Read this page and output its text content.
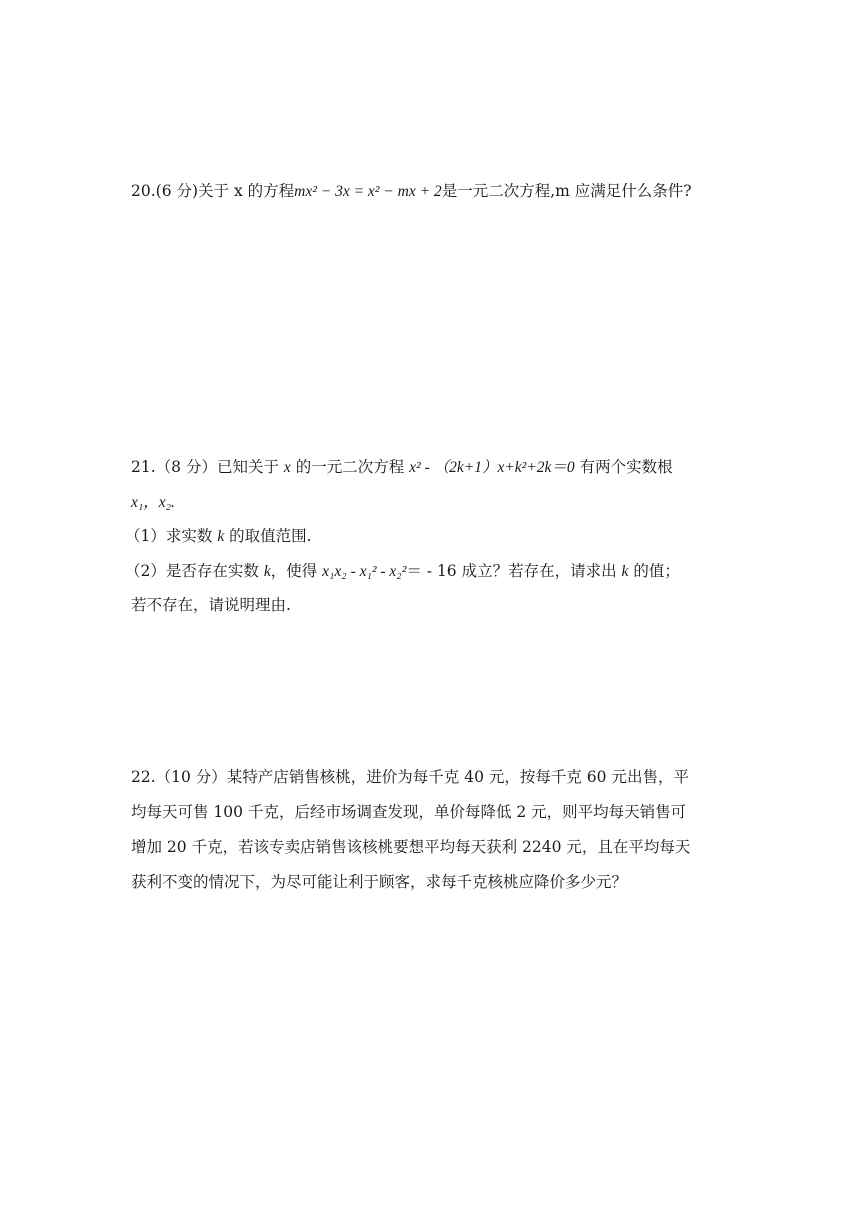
20.(6 分)关于 x 的方程mx² − 3x = x² − mx + 2是一元二次方程,m 应满足什么条件?
21.（8 分）已知关于 x 的一元二次方程 x² - （2k+1）x+k²+2k＝0 有两个实数根
x₁，x₂.
（1）求实数 k 的取值范围.
（2）是否存在实数 k，使得 x₁x₂ - x₁² - x₂²＝ - 16 成立？若存在，请求出 k 的值；
若不存在，请说明理由.
22.（10 分）某特产店销售核桃，进价为每千克 40 元，按每千克 60 元出售，平
均每天可售 100 千克，后经市场调查发现，单价每降低 2 元，则平均每天销售可
增加 20 千克，若该专卖店销售该核桃要想平均每天获利 2240 元，且在平均每天
获利不变的情况下，为尽可能让利于顾客，求每千克核桃应降价多少元？
